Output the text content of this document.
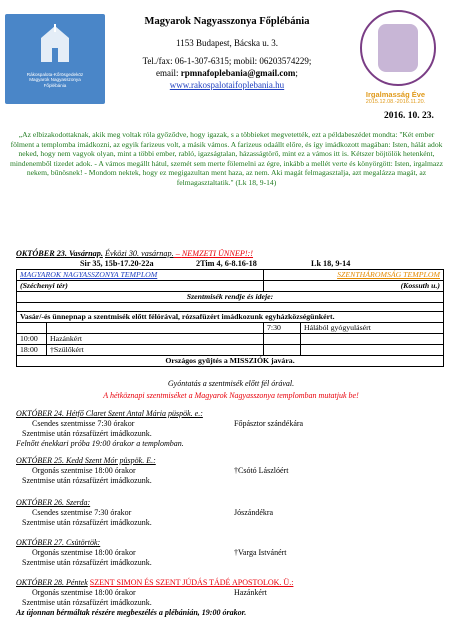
Rákospalota-Kőrösgedeköz
Magyarok Nagyasszonya
Főplébánia
Magyarok Nagyasszonya Főplébánia
1153 Budapest, Bácska u. 3.
Tel./fax: 06-1-307-6315; mobil: 06203574229;
email: rpmnafoplebania@gmail.com;
www.rakospalotaifoplebania.hu
Irgalmasság Éve
2015.12.08.-2016.11.20.
2016. 10. 23.
„Az elbizakodottaknak, akik meg voltak róla győződve, hogy igazak, s a többieket megvetették, ezt a példabeszédet mondta: "Két ember fölment a templomba imádkozni, az egyik farizeus volt, a másik vámos. A farizeus odaállt előre, és így imádkozott magában: Isten, hálát adok neked, hogy nem vagyok olyan, mint a többi ember, rabló, igazságtalan, házasságtörő, mint ez a vámos itt is. Kétszer böjtölök hetenként, mindenemből tizedet adok. - A vámos megállt hátul, szemét sem merte fölemelni az égre, inkább a mellét verte és könyörgött: Isten, irgalmazz nekem, bűnösnek! - Mondom nektek, hogy ez megigazultan ment haza, az nem. Aki magát felmagasztalja, azt megalázza magát, az felmagasztaltatik." (Lk 18, 9-14)
OKTÓBER 23. Vasárnap. Évközi 30. vasárnap. – NEMZETI ÜNNEP!:!
Sir 35, 15b-17.20-22a	2Tim 4, 6-8.16-18	Lk 18, 9-14
MAGYAROK NAGYASSZONYA TEMPLOM		SZENTHÁROMSÁG TEMPLOM	
(Széchenyi tér)		(Kossuth u.)	
Szentmisék rendje és ideje:			

Vasár/-és ünnepnap a szentmisék előtt félórával, rózsafüzért imádkozunk egyházközségünkért.			
		7:30	Hálából gyógyulásért
10:00	Hazánkért		
18:00	†Szülőkért		
Országos gyűjtés a MISSZIÓK javára.			
Gyóntatás a szentmisék előtt fél órával.
A hétköznapi szentmiséket a Magyarok Nagyasszonya templomban mutatjuk be!
OKTÓBER 24. Hétfő Claret Szent Antal Mária püspök. e.:
Csendes szentmisse 7:30 órakor	Főpásztor szándékára
Szentmise után rózsafüzért imádkozunk.
Felnőtt énekkari próba 19:00 órakor a templomban.
OKTÓBER 25. Kedd Szent Mór püspök. E.:
Orgonás szentmise 18:00 órakor	†Csótó Lászlóért
Szentmise után rózsafüzért imádkozunk.
OKTÓBER 26. Szerda:
Csendes szentmise 7:30 órakor	Jószándékra
Szentmise után rózsafüzért imádkozunk.
OKTÓBER 27. Csütörtök:
Orgonás szentmise 18:00 órakor	†Varga Istvánért
Szentmise után rózsafüzért imádkozunk.
OKTÓBER 28. Péntek SZENT SIMON ÉS SZENT JÚDÁS TÁDÉ APOSTOLOK. Ü.:
Orgonás szentmise 18:00 órakor	Hazánkért
Szentmise után rózsafüzért imádkozunk.
Az újonnan bérmáltak részére megbeszélés a plébánián, 19:00 órakor.
